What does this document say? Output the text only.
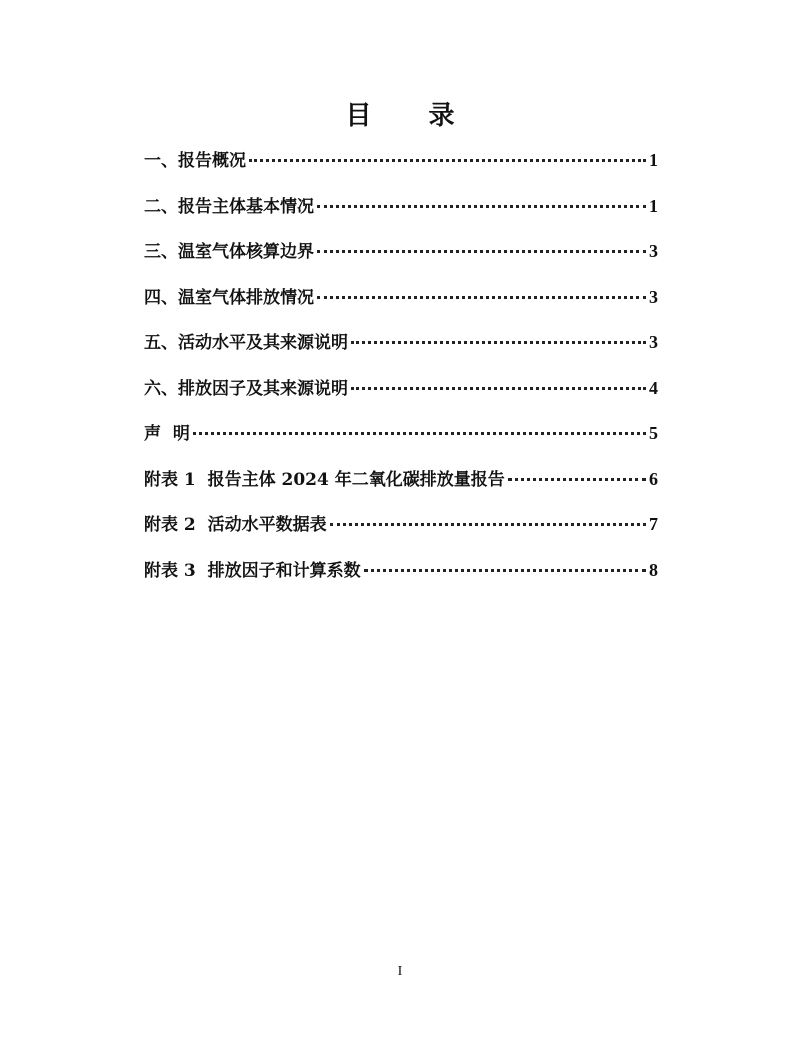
目 录
一、报告概况	1
二、报告主体基本情况	1
三、温室气体核算边界	3
四、温室气体排放情况	3
五、活动水平及其来源说明	3
六、排放因子及其来源说明	4
声  明	5
附表 1  报告主体 2024 年二氧化碳排放量报告	6
附表 2  活动水平数据表	7
附表 3  排放因子和计算系数	8
I
